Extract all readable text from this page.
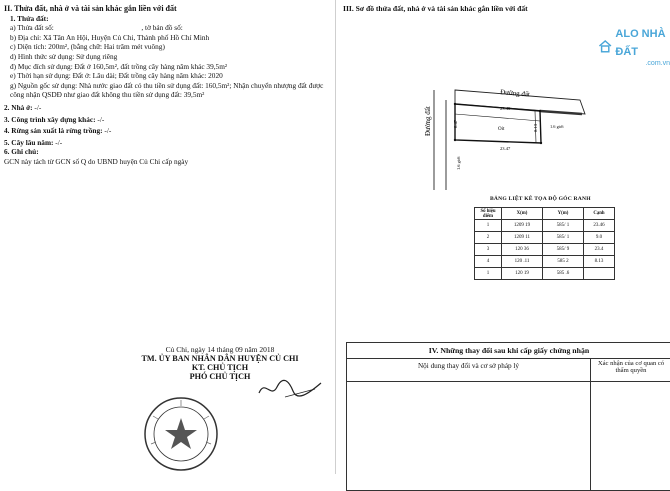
II. Thửa đất, nhà ở và tài sản khác gắn liền với đất
1. Thửa đất:
a) Thửa đất số:	, tờ bản đồ số:
b) Địa chỉ: Xã Tân An Hội, Huyện Củ Chi, Thành phố Hồ Chí Minh
c) Diện tích: 200m², (bằng chữ: Hai trăm mét vuông)
d) Hình thức sử dụng: Sử dụng riêng
đ) Mục đích sử dụng: Đất ở 160,5m², đất trồng cây hàng năm khác 39,5m²
e) Thời hạn sử dụng: Đất ở: Lâu dài; Đất trồng cây hàng năm khác: 2020
g) Nguồn gốc sử dụng: Nhà nước giao đất có thu tiền sử dụng đất: 160,5m²; Nhận chuyển nhượng đất được công nhận QSDĐ như giao đất không thu tiền sử dụng đất: 39,5m²
2. Nhà ở: -/-
3. Công trình xây dựng khác: -/-
4. Rừng sản xuất là rừng trồng: -/-
5. Cây lâu năm: -/-
6. Ghi chú:
GCN này tách từ GCN số Q do UBND huyện Củ Chi cấp ngày
Củ Chi, ngày 14 tháng 09 năm 2018
TM. ỦY BAN NHÂN DÂN HUYỆN CỦ CHI
KT. CHỦ TỊCH
PHÓ CHỦ TỊCH
III. Sơ đồ thửa đất, nhà ở và tài sản khác gắn liền với đất
ALO NHÀ ĐẤT
.com.vn
Đường đất
Đường đất	23.46
23.47
8.47	8.13
Oit
1.6 giới
1.6 giới
BẢNG LIỆT KÊ TỌA ĐỘ GÓC RANH
Số hiệu điểm	X(m)	Y(m)	Cạnh
1	1209 19	585/ 1	23.46
2	1209 11	585/ 1	9.0
3	120 36	585/ 9	23.4
4	120 .11	585 2	8.13
1	120 19	585 .6	
IV. Những thay đổi sau khi cấp giấy chứng nhận
Nội dung thay đổi và cơ sở pháp lý	Xác nhận của cơ quan có thẩm quyền
